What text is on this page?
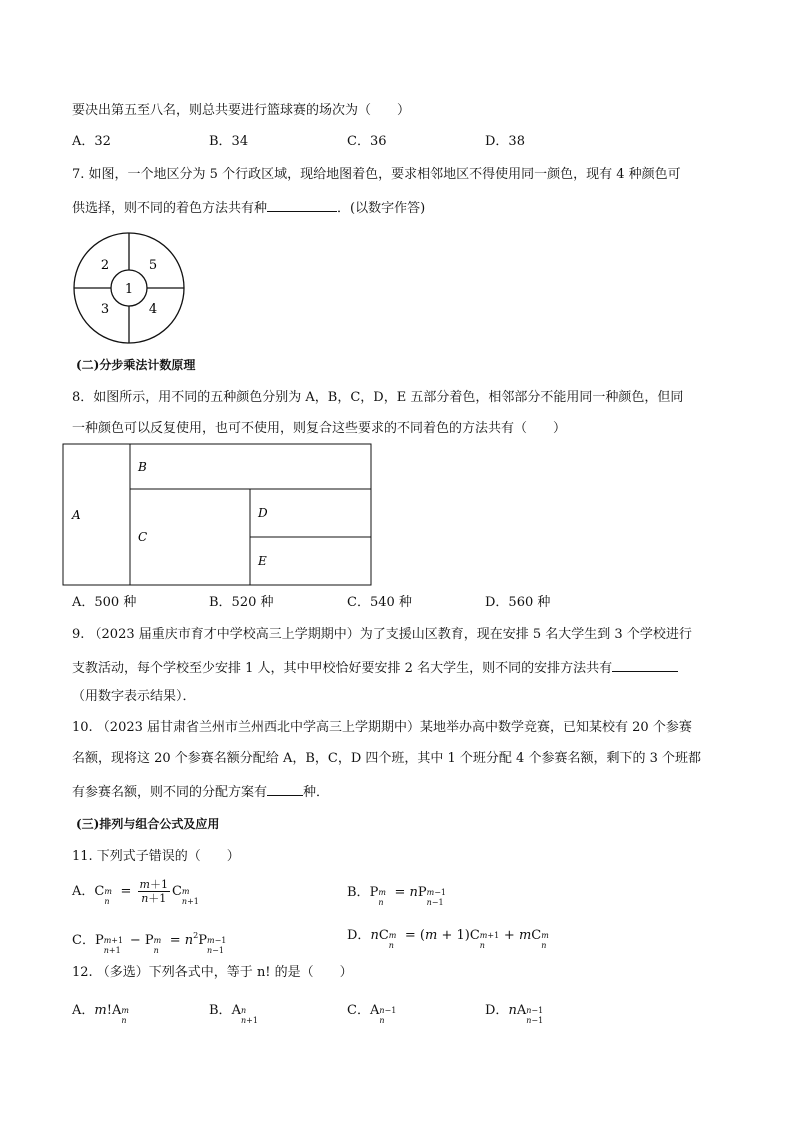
要决出第五至八名，则总共要进行篮球赛的场次为（　　）
A．32	B．34	C．36	D．38
7. 如图，一个地区分为 5 个行政区域，现给地图着色，要求相邻地区不得使用同一颜色，现有 4 种颜色可
供选择，则不同的着色方法共有种	．(以数字作答)
1
2
3	4
5
(二)分步乘法计数原理
8．如图所示，用不同的五种颜色分别为 A，B，C，D，E 五部分着色，相邻部分不能用同一种颜色，但同
一种颜色可以反复使用，也可不使用，则复合这些要求的不同着色的方法共有（　　）
A
B
C
D
E
A．500 种	B．520 种	C．540 种	D．560 种
9. （2023 届重庆市育才中学校高三上学期期中）为了支援山区教育，现在安排 5 名大学生到 3 个学校进行
支教活动，每个学校至少安排 1 人，其中甲校恰好要安排 2 名大学生，则不同的安排方法共有
（用数字表示结果）．
10. （2023 届甘肃省兰州市兰州西北中学高三上学期期中）某地举办高中数学竞赛，已知某校有 20 个参赛
名额，现将这 20 个参赛名额分配给 A，B，C，D 四个班，其中 1 个班分配 4 个参赛名额，剩下的 3 个班都
有参赛名额，则不同的分配方案有	种．
(三)排列与组合公式及应用
11. 下列式子错误的（　　）
A．C m
n
= $\frac{m+1}{n+1}$ C m
n+1
B．P m
n
= nP m−1
n−1
C．P m+1
n+1
− P m
n
= $n^2P$ m−1
n−1
D．nC m
n
= (m + 1)C m+1
n
+ mC m
n
12. （多选）下列各式中，等于 n! 的是（　　）
A．m!A m
n
B．A n
n+1
C．A n−1
n
D．nA n−1
n−1
